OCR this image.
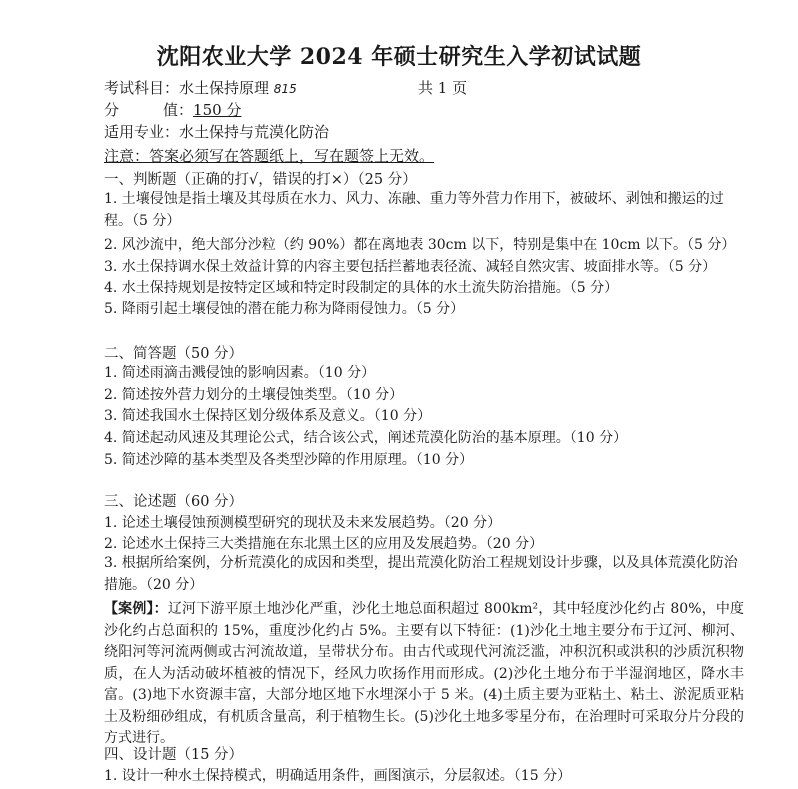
沈阳农业大学 2024 年硕士研究生入学初试试题
考试科目：水土保持原理 815	共 1 页
分	值：150 分
适用专业：水土保持与荒漠化防治
注意：答案必须写在答题纸上，写在题签上无效。
一、判断题（正确的打√，错误的打×）（25 分）
1. 土壤侵蚀是指土壤及其母质在水力、风力、冻融、重力等外营力作用下，被破坏、剥蚀和搬运的过程。（5 分）
2. 风沙流中，绝大部分沙粒（约 90%）都在离地表 30cm 以下，特别是集中在 10cm 以下。（5 分）
3. 水土保持调水保土效益计算的内容主要包括拦蓄地表径流、减轻自然灾害、坡面排水等。（5 分）
4. 水土保持规划是按特定区域和特定时段制定的具体的水土流失防治措施。（5 分）
5. 降雨引起土壤侵蚀的潜在能力称为降雨侵蚀力。（5 分）
二、简答题（50 分）
1. 简述雨滴击溅侵蚀的影响因素。（10 分）
2. 简述按外营力划分的土壤侵蚀类型。（10 分）
3. 简述我国水土保持区划分级体系及意义。（10 分）
4. 简述起动风速及其理论公式，结合该公式，阐述荒漠化防治的基本原理。（10 分）
5. 简述沙障的基本类型及各类型沙障的作用原理。（10 分）
三、论述题（60 分）
1. 论述土壤侵蚀预测模型研究的现状及未来发展趋势。（20 分）
2. 论述水土保持三大类措施在东北黑土区的应用及发展趋势。（20 分）
3. 根据所给案例，分析荒漠化的成因和类型，提出荒漠化防治工程规划设计步骤，以及具体荒漠化防治措施。（20 分）
【案例】：辽河下游平原土地沙化严重，沙化土地总面积超过 800km²，其中轻度沙化约占 80%，中度沙化约占总面积的 15%，重度沙化约占 5%。主要有以下特征：(1)沙化土地主要分布于辽河、柳河、绕阳河等河流两侧或古河流故道，呈带状分布。由古代或现代河流泛滥，冲积沉积或洪积的沙质沉积物质，在人为活动破坏植被的情况下，经风力吹扬作用而形成。(2)沙化土地分布于半湿润地区，降水丰富。(3)地下水资源丰富，大部分地区地下水埋深小于 5 米。(4)土质主要为亚粘土、粘土、淤泥质亚粘土及粉细砂组成，有机质含量高，利于植物生长。(5)沙化土地多零星分布，在治理时可采取分片分段的方式进行。
四、设计题（15 分）
1. 设计一种水土保持模式，明确适用条件，画图演示，分层叙述。（15 分）
